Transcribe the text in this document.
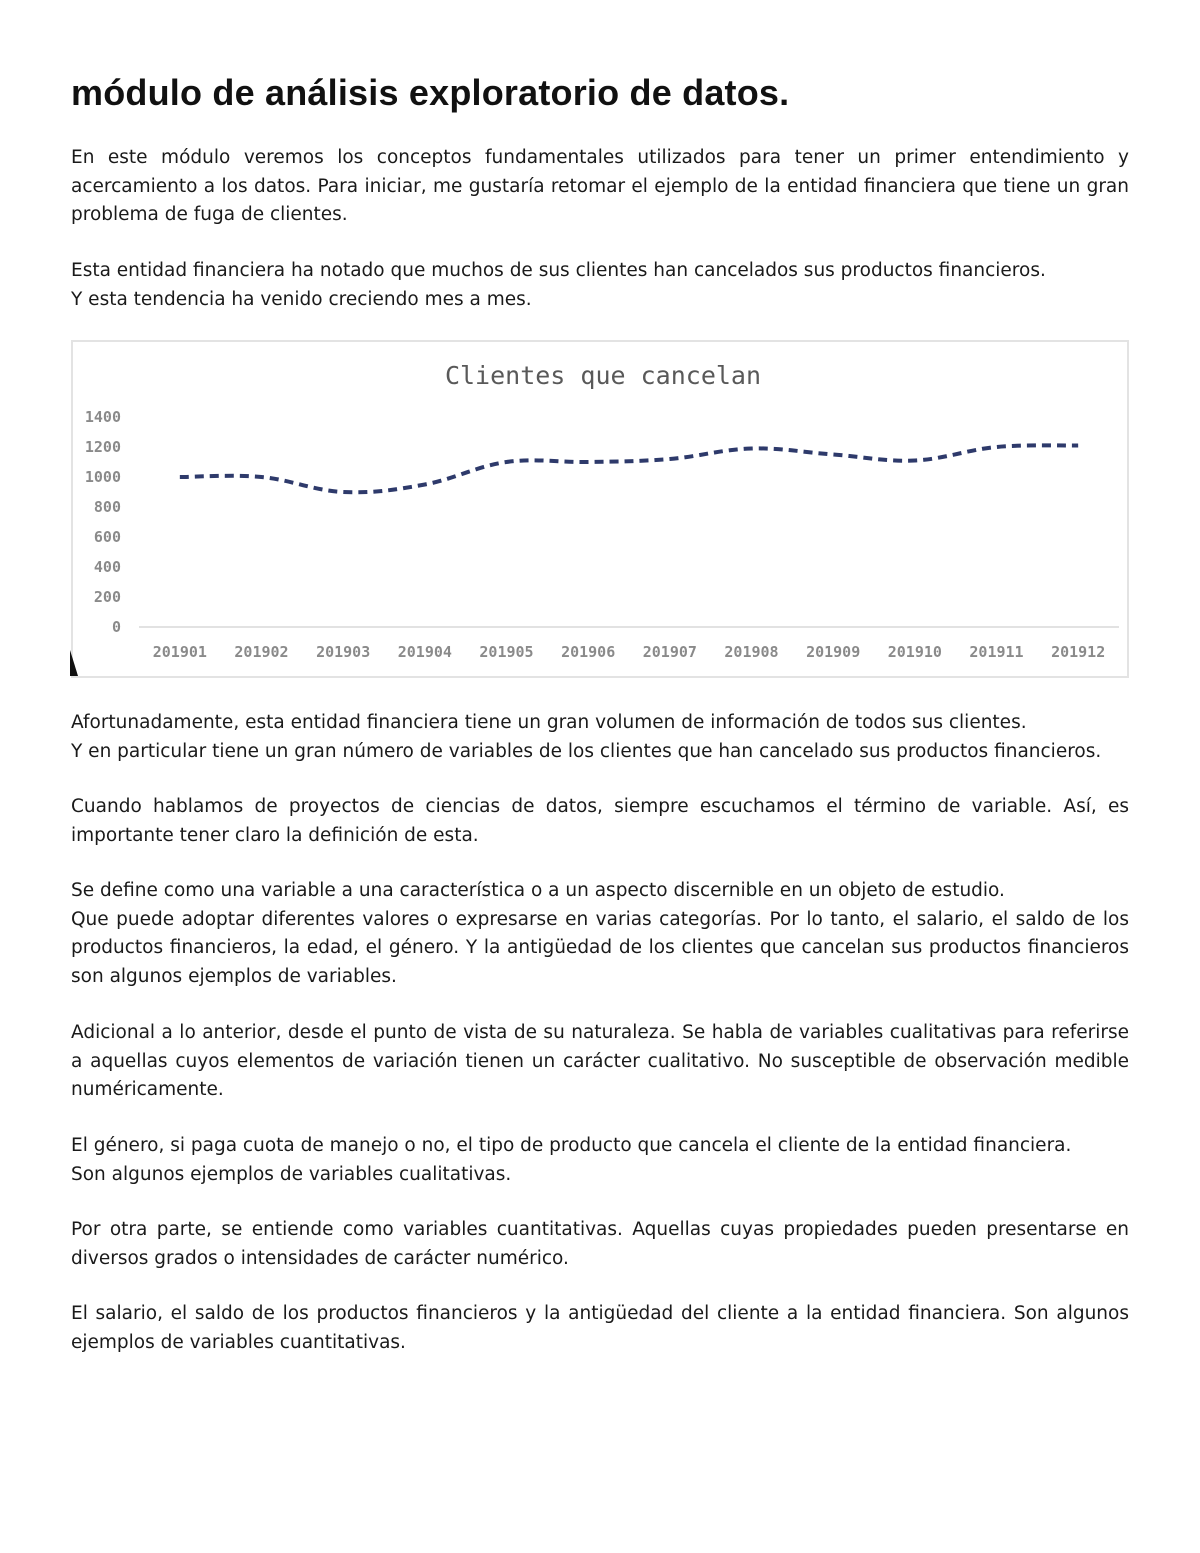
módulo de análisis exploratorio de datos.

En este módulo veremos los conceptos fundamentales utilizados para tener un primer entendimiento y acercamiento a los datos. Para iniciar, me gustaría retomar el ejemplo de la entidad financiera que tiene un gran problema de fuga de clientes.

Esta entidad financiera ha notado que muchos de sus clientes han cancelados sus productos financieros.
Y esta tendencia ha venido creciendo mes a mes.

Clientes que cancelan
0
200
400
600
800
1000
1200
1400
201901 201902 201903 201904 201905 201906 201907 201908 201909 201910 201911 201912

Afortunadamente, esta entidad financiera tiene un gran volumen de información de todos sus clientes.
Y en particular tiene un gran número de variables de los clientes que han cancelado sus productos financieros.

Cuando hablamos de proyectos de ciencias de datos, siempre escuchamos el término de variable. Así, es importante tener claro la definición de esta.

Se define como una variable a una característica o a un aspecto discernible en un objeto de estudio.
Que puede adoptar diferentes valores o expresarse en varias categorías. Por lo tanto, el salario, el saldo de los productos financieros, la edad, el género. Y la antigüedad de los clientes que cancelan sus productos financieros son algunos ejemplos de variables.

Adicional a lo anterior, desde el punto de vista de su naturaleza. Se habla de variables cualitativas para referirse a aquellas cuyos elementos de variación tienen un carácter cualitativo. No susceptible de observación medible numéricamente.

El género, si paga cuota de manejo o no, el tipo de producto que cancela el cliente de la entidad financiera.
Son algunos ejemplos de variables cualitativas.

Por otra parte, se entiende como variables cuantitativas. Aquellas cuyas propiedades pueden presentarse en diversos grados o intensidades de carácter numérico.

El salario, el saldo de los productos financieros y la antigüedad del cliente a la entidad financiera. Son algunos ejemplos de variables cuantitativas.
